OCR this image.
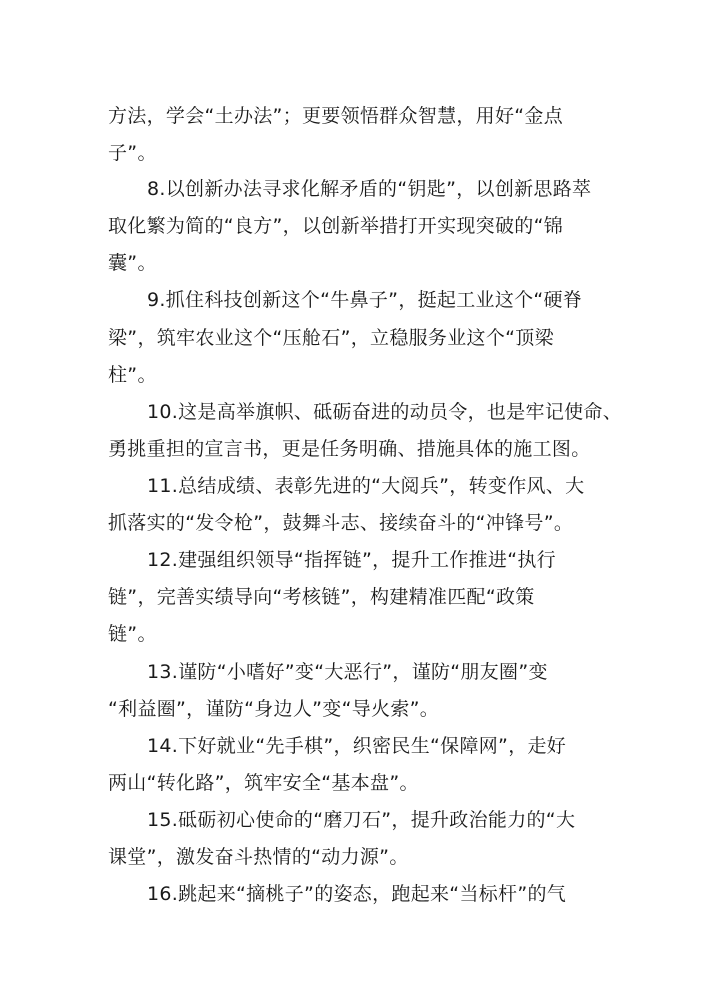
方法，学会“土办法”；更要领悟群众智慧，用好“金点
子”。
8.以创新办法寻求化解矛盾的“钥匙”，以创新思路萃
取化繁为简的“良方”，以创新举措打开实现突破的“锦
囊”。
9.抓住科技创新这个“牛鼻子”，挺起工业这个“硬脊
梁”，筑牢农业这个“压舱石”，立稳服务业这个“顶梁
柱”。
10.这是高举旗帜、砥砺奋进的动员令，也是牢记使命、
勇挑重担的宣言书，更是任务明确、措施具体的施工图。
11.总结成绩、表彰先进的“大阅兵”，转变作风、大
抓落实的“发令枪”，鼓舞斗志、接续奋斗的“冲锋号”。
12.建强组织领导“指挥链”，提升工作推进“执行
链”，完善实绩导向“考核链”，构建精准匹配“政策
链”。
13.谨防“小嗜好”变“大恶行”，谨防“朋友圈”变
“利益圈”，谨防“身边人”变“导火索”。
14.下好就业“先手棋”，织密民生“保障网”，走好
两山“转化路”，筑牢安全“基本盘”。
15.砥砺初心使命的“磨刀石”，提升政治能力的“大
课堂”，激发奋斗热情的“动力源”。
16.跳起来“摘桃子”的姿态，跑起来“当标杆”的气
